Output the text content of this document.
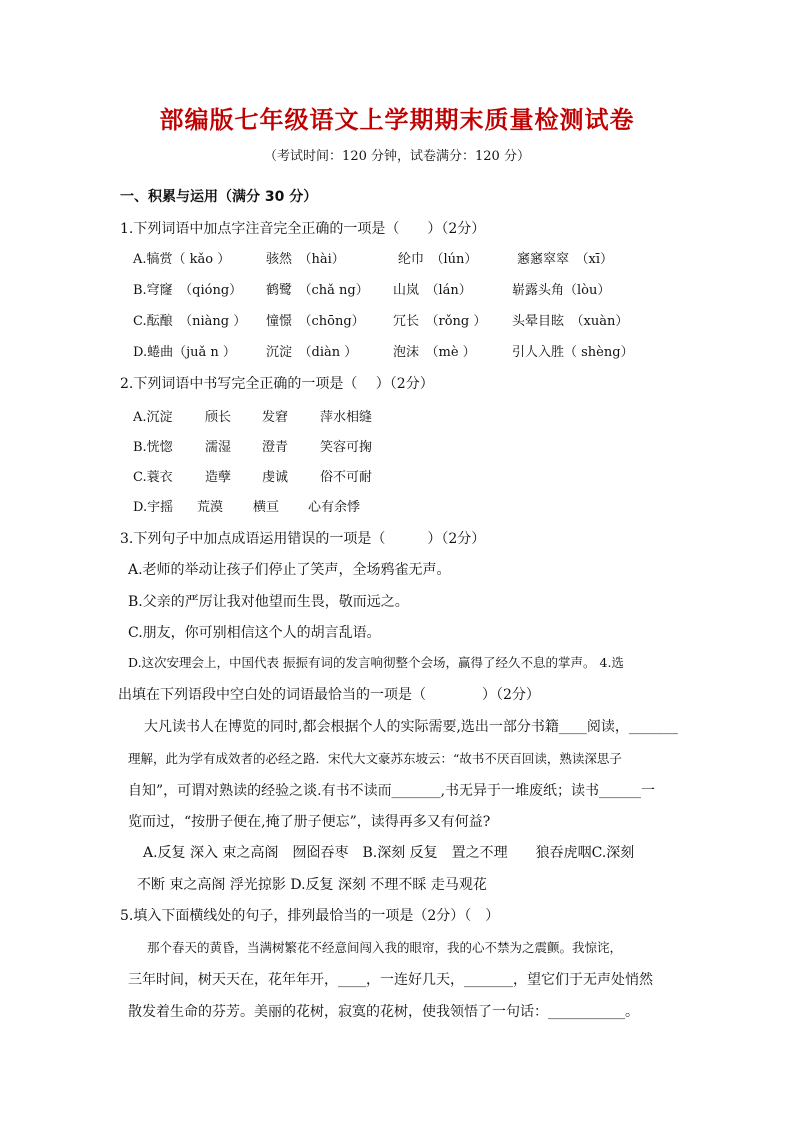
部编版七年级语文上学期期末质量检测试卷
（考试时间：120 分钟，试卷满分：120 分）
一、积累与运用（满分 30 分）
1.下列词语中加点字注音完全正确的一项是（　　）（2分）
A.犒赏（ kǎo ）	骇然　（hài）	纶巾　（lún）	窸窸窣窣　（xī）
B.穹窿　（qióng） 鹤鹭　（chǎ ng） 山岚　（lán）	崭露头角（lòu）
C.酝酿　（niàng ） 憧憬　（chōng） 冗长　（rǒng ） 头晕目眩　（xuàn）
D.蜷曲（juǎ n ） 沉淀　（diàn ）	泡沫　（mè ）	引人入胜（ shèng）
2.下列词语中书写完全正确的一项是（　 ）（2分）
A.沉淀 颀长 发窘 萍水相缝
B.恍惚 濡湿 澄青 笑容可掬
C.蓑衣 造孽 虔诚 俗不可耐
D.宇摇 荒漠 横亘 心有余悸
3.下列句子中加点成语运用错误的一项是（　　　）（2分）
A.老师的举动让孩子们停止了笑声，全场鸦雀无声。
B.父亲的严厉让我对他望而生畏，敬而远之。
C.朋友，你可别相信这个人的胡言乱语。
D.这次安理会上，中国代表 振振有词的发言响彻整个会场，赢得了经久不息的掌声。 4.选
出填在下列语段中空白处的词语最恰当的一项是（　　　　）（2分）
大凡读书人在博览的同时,都会根据个人的实际需要,选出一部分书籍____阅读，_______
理解，此为学有成效者的必经之路．宋代大文豪苏东坡云：“故书不厌百回读，熟读深思子
自知”，可谓对熟读的经验之谈.有书不读而_______,书无异于一堆废纸；读书______一
览而过，“按册子便在,掩了册子便忘”，读得再多又有何益?
A.反复 深入 束之高阁　囫囵吞枣　B.深刻 反复　置之不理　　狼吞虎咽C.深刻
不断 束之高阁 浮光掠影 D.反复 深刻 不理不睬 走马观花
5.填入下面横线处的句子，排列最恰当的一项是（2分）（　）
那个春天的黄昏，当满树繁花不经意间闯入我的眼帘，我的心不禁为之震颤。我惊诧，
三年时间，树天天在，花年年开，____，一连好几天，_______，望它们于无声处悄然
散发着生命的芬芳。美丽的花树，寂寞的花树，使我领悟了一句话：___________。
